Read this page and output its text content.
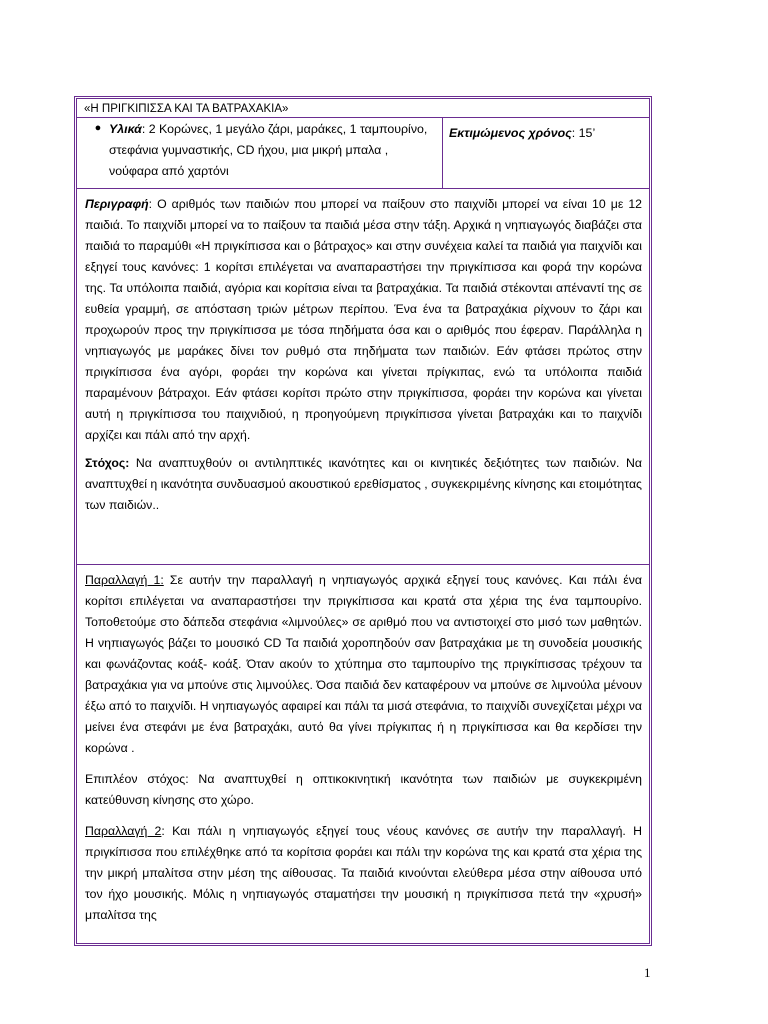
«Η ΠΡΙΓΚΙΠΙΣΣΑ ΚΑΙ ΤΑ ΒΑΤΡΑΧΑΚΙΑ»
● Υλικά: 2 Κορώνες, 1 μεγάλο ζάρι, μαράκες, 1 ταμπουρίνο, στεφάνια γυμναστικής, CD ήχου, μια μικρή μπαλα , νούφαρα από χαρτόνι
Εκτιμώμενος χρόνος: 15’

Περιγραφή: Ο αριθμός των παιδιών που μπορεί να παίξουν στο παιχνίδι μπορεί να είναι 10 με 12 παιδιά. Το παιχνίδι μπορεί να το παίξουν τα παιδιά μέσα στην τάξη. Αρχικά η νηπιαγωγός διαβάζει στα παιδιά το παραμύθι «Η πριγκίπισσα και ο βάτραχος» και στην συνέχεια καλεί τα παιδιά για παιχνίδι και εξηγεί τους κανόνες: 1 κορίτσι επιλέγεται να αναπαραστήσει την πριγκίπισσα και φορά την κορώνα της. Τα υπόλοιπα παιδιά, αγόρια και κορίτσια είναι τα βατραχάκια. Τα παιδιά στέκονται απέναντί της σε ευθεία γραμμή, σε απόσταση τριών μέτρων περίπου. Ένα ένα τα βατραχάκια ρίχνουν το ζάρι και προχωρούν προς την πριγκίπισσα με τόσα πηδήματα όσα και ο αριθμός που έφεραν. Παράλληλα η νηπιαγωγός με μαράκες δίνει τον ρυθμό στα πηδήματα των παιδιών. Εάν φτάσει πρώτος στην πριγκίπισσα ένα αγόρι, φοράει την κορώνα και γίνεται πρίγκιπας, ενώ τα υπόλοιπα παιδιά παραμένουν βάτραχοι. Εάν φτάσει κορίτσι πρώτο στην πριγκίπισσα, φοράει την κορώνα και γίνεται αυτή η πριγκίπισσα του παιχνιδιού, η προηγούμενη πριγκίπισσα γίνεται βατραχάκι και το παιχνίδι αρχίζει και πάλι από την αρχή.

Στόχος: Να αναπτυχθούν οι αντιληπτικές ικανότητες και οι κινητικές δεξιότητες των παιδιών. Να αναπτυχθεί η ικανότητα συνδυασμού ακουστικού ερεθίσματος , συγκεκριμένης κίνησης και ετοιμότητας των παιδιών..

Παραλλαγή 1: Σε αυτήν την παραλλαγή η νηπιαγωγός αρχικά εξηγεί τους κανόνες. Και πάλι ένα κορίτσι επιλέγεται να αναπαραστήσει την πριγκίπισσα και κρατά στα χέρια της ένα ταμπουρίνο. Τοποθετούμε στο δάπεδα στεφάνια «λιμνούλες» σε αριθμό που να αντιστοιχεί στο μισό των μαθητών. Η νηπιαγωγός βάζει το μουσικό CD Τα παιδιά χοροπηδούν σαν βατραχάκια με τη συνοδεία μουσικής και φωνάζοντας κοάξ- κοάξ. Όταν ακούν το χτύπημα στο ταμπουρίνο της πριγκίπισσας τρέχουν τα βατραχάκια για να μπούνε στις λιμνούλες. Όσα παιδιά δεν καταφέρουν να μπούνε σε λιμνούλα μένουν έξω από το παιχνίδι. Η νηπιαγωγός αφαιρεί και πάλι τα μισά στεφάνια, το παιχνίδι συνεχίζεται μέχρι να μείνει ένα στεφάνι με ένα βατραχάκι, αυτό θα γίνει πρίγκιπας ή η πριγκίπισσα και θα κερδίσει την κορώνα .

Επιπλέον στόχος: Να αναπτυχθεί η οπτικοκινητική ικανότητα των παιδιών με συγκεκριμένη κατεύθυνση κίνησης στο χώρο.

Παραλλαγή 2: Και πάλι η νηπιαγωγός εξηγεί τους νέους κανόνες σε αυτήν την παραλλαγή. Η πριγκίπισσα που επιλέχθηκε από τα κορίτσια φοράει και πάλι την κορώνα της και κρατά στα χέρια της την μικρή μπαλίτσα στην μέση της αίθουσας. Τα παιδιά κινούνται ελεύθερα μέσα στην αίθουσα υπό τον ήχο μουσικής. Μόλις η νηπιαγωγός σταματήσει την μουσική η πριγκίπισσα πετά την «χρυσή» μπαλίτσα της

1
